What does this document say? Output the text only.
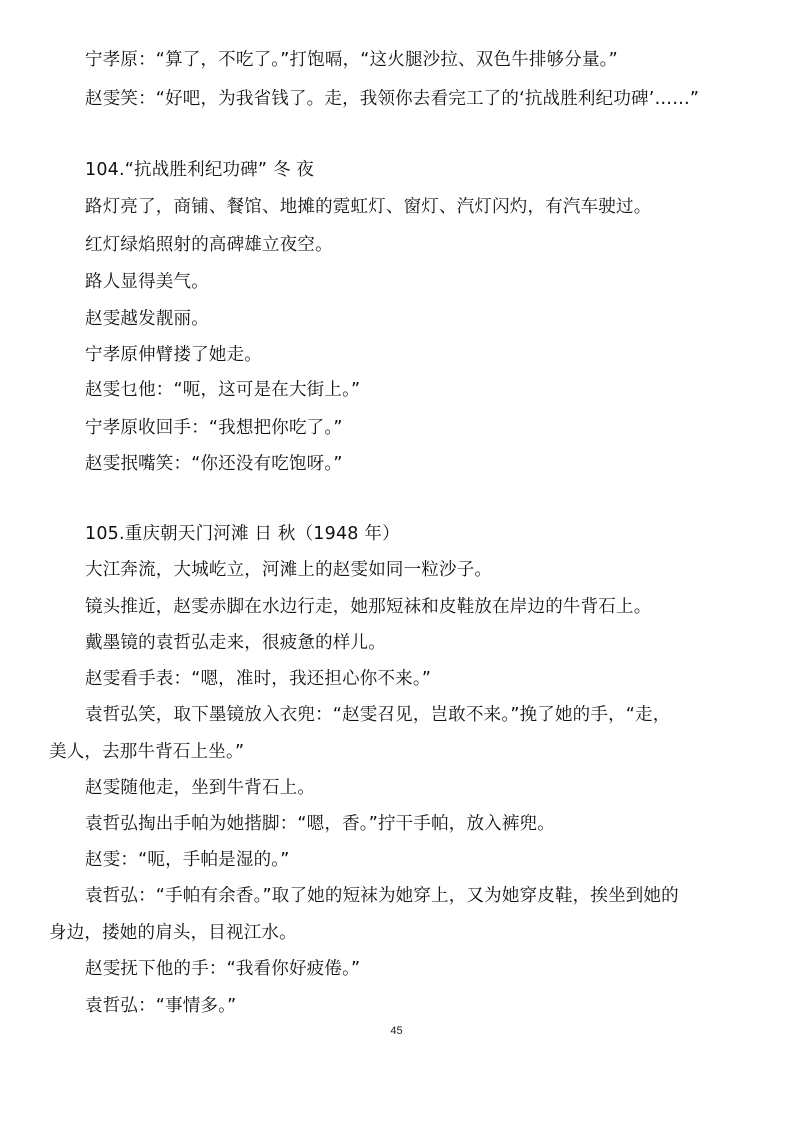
宁孝原：“算了，不吃了。”打饱嗝，“这火腿沙拉、双色牛排够分量。”
赵雯笑：“好吧，为我省钱了。走，我领你去看完工了的‘抗战胜利纪功碑’……”
104.“抗战胜利纪功碑” 冬 夜
路灯亮了，商铺、餐馆、地摊的霓虹灯、窗灯、汽灯闪灼，有汽车驶过。
红灯绿焰照射的高碑雄立夜空。
路人显得美气。
赵雯越发靓丽。
宁孝原伸臂搂了她走。
赵雯乜他：“呃，这可是在大街上。”
宁孝原收回手：“我想把你吃了。”
赵雯抿嘴笑：“你还没有吃饱呀。”
105.重庆朝天门河滩 日 秋（1948 年）
大江奔流，大城屹立，河滩上的赵雯如同一粒沙子。
镜头推近，赵雯赤脚在水边行走，她那短袜和皮鞋放在岸边的牛背石上。
戴墨镜的袁哲弘走来，很疲惫的样儿。
赵雯看手表：“嗯，准时，我还担心你不来。”
袁哲弘笑，取下墨镜放入衣兜：“赵雯召见，岂敢不来。”挽了她的手，“走，
美人，去那牛背石上坐。”
赵雯随他走，坐到牛背石上。
袁哲弘掏出手帕为她揩脚：“嗯，香。”拧干手帕，放入裤兜。
赵雯：“呃，手帕是湿的。”
袁哲弘：“手帕有余香。”取了她的短袜为她穿上，又为她穿皮鞋，挨坐到她的
身边，搂她的肩头，目视江水。
赵雯抚下他的手：“我看你好疲倦。”
袁哲弘：“事情多。”
45
